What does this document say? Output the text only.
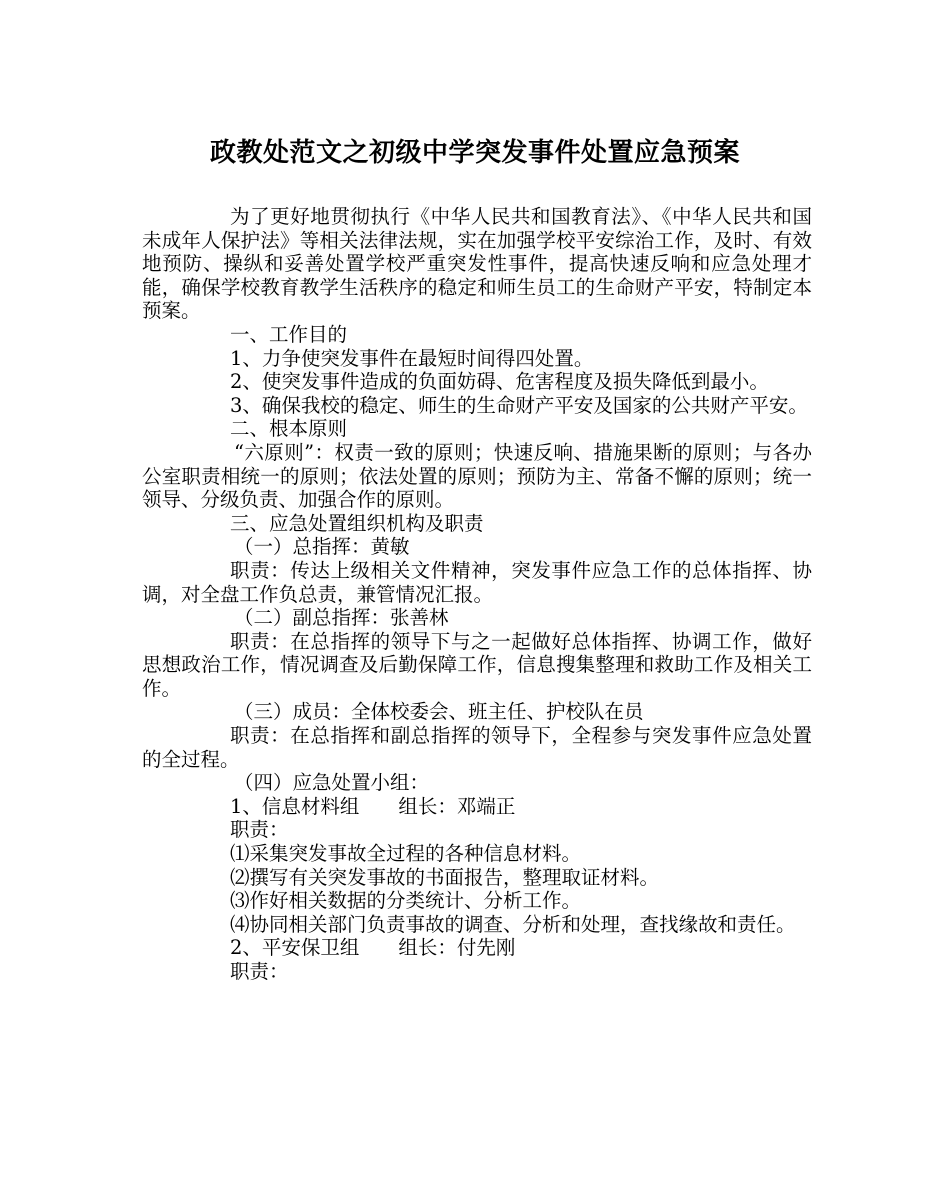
政教处范文之初级中学突发事件处置应急预案

为了更好地贯彻执行《中华人民共和国教育法》、《中华人民共和国未成年人保护法》等相关法律法规，实在加强学校平安综治工作，及时、有效地预防、操纵和妥善处置学校严重突发性事件，提高快速反响和应急处理才能，确保学校教育教学生活秩序的稳定和师生员工的生命财产平安，特制定本预案。

一、工作目的

1、力争使突发事件在最短时间得四处置。

2、使突发事件造成的负面妨碍、危害程度及损失降低到最小。

3、确保我校的稳定、师生的生命财产平安及国家的公共财产平安。

二、根本原则

“六原则”：权责一致的原则；快速反响、措施果断的原则；与各办公室职责相统一的原则；依法处置的原则；预防为主、常备不懈的原则；统一领导、分级负责、加强合作的原则。

三、应急处置组织机构及职责

（一）总指挥：黄敏

职责：传达上级相关文件精神，突发事件应急工作的总体指挥、协调，对全盘工作负总责，兼管情况汇报。

（二）副总指挥：张善林

职责：在总指挥的领导下与之一起做好总体指挥、协调工作，做好思想政治工作，情况调查及后勤保障工作，信息搜集整理和救助工作及相关工作。

（三）成员：全体校委会、班主任、护校队在员

职责：在总指挥和副总指挥的领导下，全程参与突发事件应急处置的全过程。

（四）应急处置小组：

1、信息材料组　　组长：邓端正

职责：

⑴采集突发事故全过程的各种信息材料。

⑵撰写有关突发事故的书面报告，整理取证材料。

⑶作好相关数据的分类统计、分析工作。

⑷协同相关部门负责事故的调查、分析和处理，查找缘故和责任。

2、平安保卫组　　组长：付先刚

职责：
